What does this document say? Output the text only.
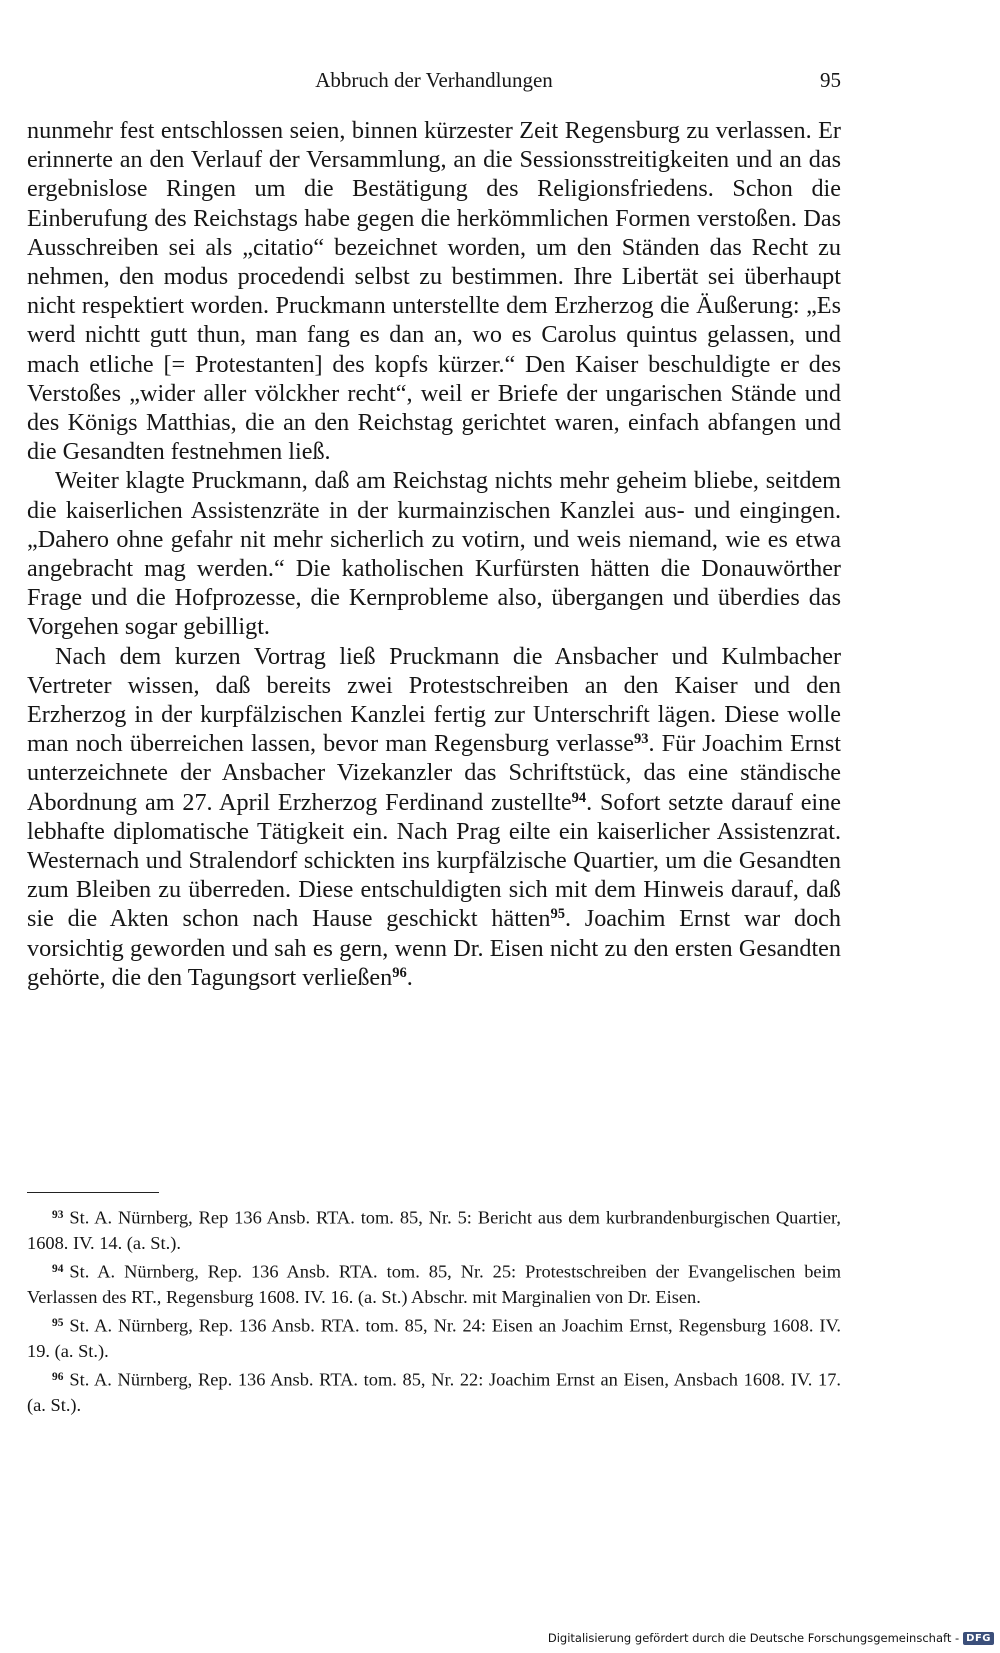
Abbruch der Verhandlungen	95

nunmehr fest entschlossen seien, binnen kürzester Zeit Regensburg zu verlassen. Er erinnerte an den Verlauf der Versammlung, an die Sessionsstreitigkeiten und an das ergebnislose Ringen um die Bestätigung des Religionsfriedens. Schon die Einberufung des Reichstags habe gegen die herkömmlichen Formen verstoßen. Das Ausschreiben sei als „citatio“ bezeichnet worden, um den Ständen das Recht zu nehmen, den modus procedendi selbst zu bestimmen. Ihre Libertät sei überhaupt nicht respektiert worden. Pruckmann unterstellte dem Erzherzog die Äußerung: „Es werd nichtt gutt thun, man fang es dan an, wo es Carolus quintus gelassen, und mach etliche [= Protestanten] des kopfs kürzer.“ Den Kaiser beschuldigte er des Verstoßes „wider aller völckher recht“, weil er Briefe der ungarischen Stände und des Königs Matthias, die an den Reichstag gerichtet waren, einfach abfangen und die Gesandten festnehmen ließ.

Weiter klagte Pruckmann, daß am Reichstag nichts mehr geheim bliebe, seitdem die kaiserlichen Assistenzräte in der kurmainzischen Kanzlei aus- und eingingen. „Dahero ohne gefahr nit mehr sicherlich zu votirn, und weis niemand, wie es etwa angebracht mag werden.“ Die katholischen Kurfürsten hätten die Donauwörther Frage und die Hofprozesse, die Kernprobleme also, übergangen und überdies das Vorgehen sogar gebilligt.

Nach dem kurzen Vortrag ließ Pruckmann die Ansbacher und Kulmbacher Vertreter wissen, daß bereits zwei Protestschreiben an den Kaiser und den Erzherzog in der kurpfälzischen Kanzlei fertig zur Unterschrift lägen. Diese wolle man noch überreichen lassen, bevor man Regensburg verlasse$^{93}$. Für Joachim Ernst unterzeichnete der Ansbacher Vizekanzler das Schriftstück, das eine ständische Abordnung am 27. April Erzherzog Ferdinand zustellte$^{94}$. Sofort setzte darauf eine lebhafte diplomatische Tätigkeit ein. Nach Prag eilte ein kaiserlicher Assistenzrat. Westernach und Stralendorf schickten ins kurpfälzische Quartier, um die Gesandten zum Bleiben zu überreden. Diese entschuldigten sich mit dem Hinweis darauf, daß sie die Akten schon nach Hause geschickt hätten$^{95}$. Joachim Ernst war doch vorsichtig geworden und sah es gern, wenn Dr. Eisen nicht zu den ersten Gesandten gehörte, die den Tagungsort verließen$^{96}$.

$^{93}$ St. A. Nürnberg, Rep 136 Ansb. RTA. tom. 85, Nr. 5: Bericht aus dem kurbrandenburgischen Quartier, 1608. IV. 14. (a. St.).

$^{94}$ St. A. Nürnberg, Rep. 136 Ansb. RTA. tom. 85, Nr. 25: Protestschreiben der Evangelischen beim Verlassen des RT., Regensburg 1608. IV. 16. (a. St.) Abschr. mit Marginalien von Dr. Eisen.

$^{95}$ St. A. Nürnberg, Rep. 136 Ansb. RTA. tom. 85, Nr. 24: Eisen an Joachim Ernst, Regensburg 1608. IV. 19. (a. St.).

$^{96}$ St. A. Nürnberg, Rep. 136 Ansb. RTA. tom. 85, Nr. 22: Joachim Ernst an Eisen, Ansbach 1608. IV. 17. (a. St.).

Digitalisierung gefördert durch die Deutsche Forschungsgemeinschaft - DFG
